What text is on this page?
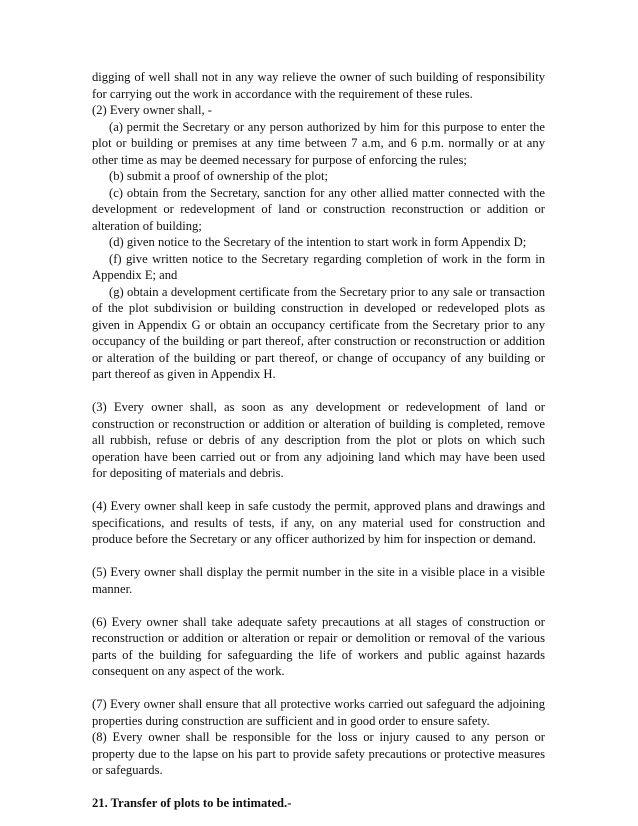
digging of well shall not in any way relieve the owner of such building of responsibility for carrying out the work in accordance with the requirement of these rules.

(2) Every owner shall, -

(a) permit the Secretary or any person authorized by him for this purpose to enter the plot or building or premises at any time between 7 a.m, and 6 p.m. normally or at any other time as may be deemed necessary for purpose of enforcing the rules;

(b) submit a proof of ownership of the plot;

(c) obtain from the Secretary, sanction for any other allied matter connected with the development or redevelopment of land or construction reconstruction or addition or alteration of building;

(d) given notice to the Secretary of the intention to start work in form Appendix D;

(f) give written notice to the Secretary regarding completion of work in the form in Appendix E; and

(g) obtain a development certificate from the Secretary prior to any sale or transaction of the plot subdivision or building construction in developed or redeveloped plots as given in Appendix G or obtain an occupancy certificate from the Secretary prior to any occupancy of the building or part thereof, after construction or reconstruction or addition or alteration of the building or part thereof, or change of occupancy of any building or part thereof as given in Appendix H.

(3) Every owner shall, as soon as any development or redevelopment of land or construction or reconstruction or addition or alteration of building is completed, remove all rubbish, refuse or debris of any description from the plot or plots on which such operation have been carried out or from any adjoining land which may have been used for depositing of materials and debris.

(4) Every owner shall keep in safe custody the permit, approved plans and drawings and specifications, and results of tests, if any, on any material used for construction and produce before the Secretary or any officer authorized by him for inspection or demand.

(5) Every owner shall display the permit number in the site in a visible place in a visible manner.

(6) Every owner shall take adequate safety precautions at all stages of construction or reconstruction or addition or alteration or repair or demolition or removal of the various parts of the building for safeguarding the life of workers and public against hazards consequent on any aspect of the work.

(7) Every owner shall ensure that all protective works carried out safeguard the adjoining properties during construction are sufficient and in good order to ensure safety.

(8) Every owner shall be responsible for the loss or injury caused to any person or property due to the lapse on his part to provide safety precautions or protective measures or safeguards.

21. Transfer of plots to be intimated.-
